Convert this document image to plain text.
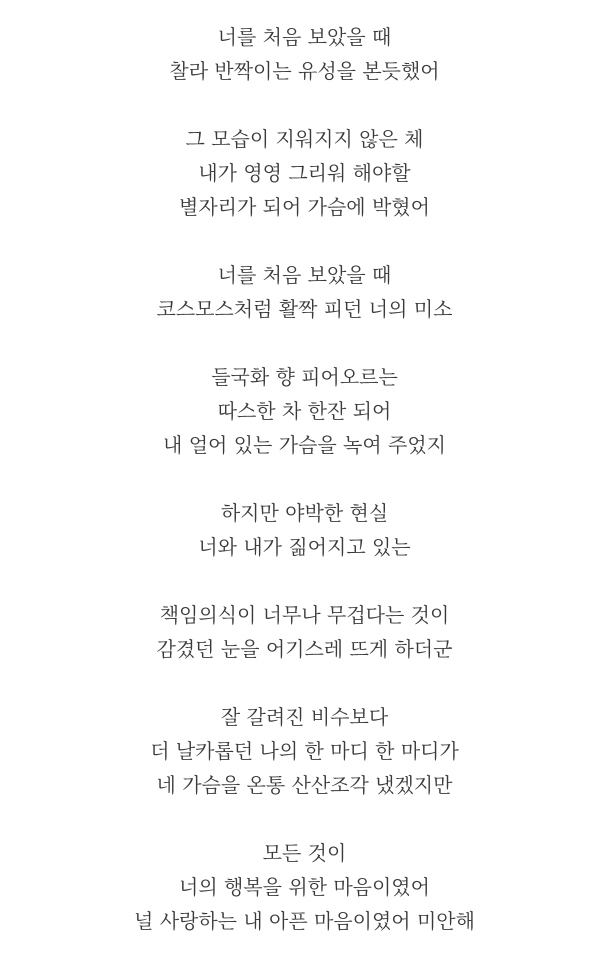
너를 처음 보았을 때
찰라 반짝이는 유성을 본듯했어
그 모습이 지워지지 않은 체
내가 영영 그리워 해야할
별자리가 되어 가슴에 박혔어
너를 처음 보았을 때
코스모스처럼 활짝 피던 너의 미소
들국화 향 피어오르는
따스한 차 한잔 되어
내 얼어 있는 가슴을 녹여 주었지
하지만 야박한 현실
너와 내가 짊어지고 있는
책임의식이 너무나 무겁다는 것이
감겼던 눈을 어기스레 뜨게 하더군
잘 갈려진 비수보다
더 날카롭던 나의 한 마디 한 마디가
네 가슴을 온통 산산조각 냈겠지만
모든 것이
너의 행복을 위한 마음이였어
널 사랑하는 내 아픈 마음이였어 미안해
